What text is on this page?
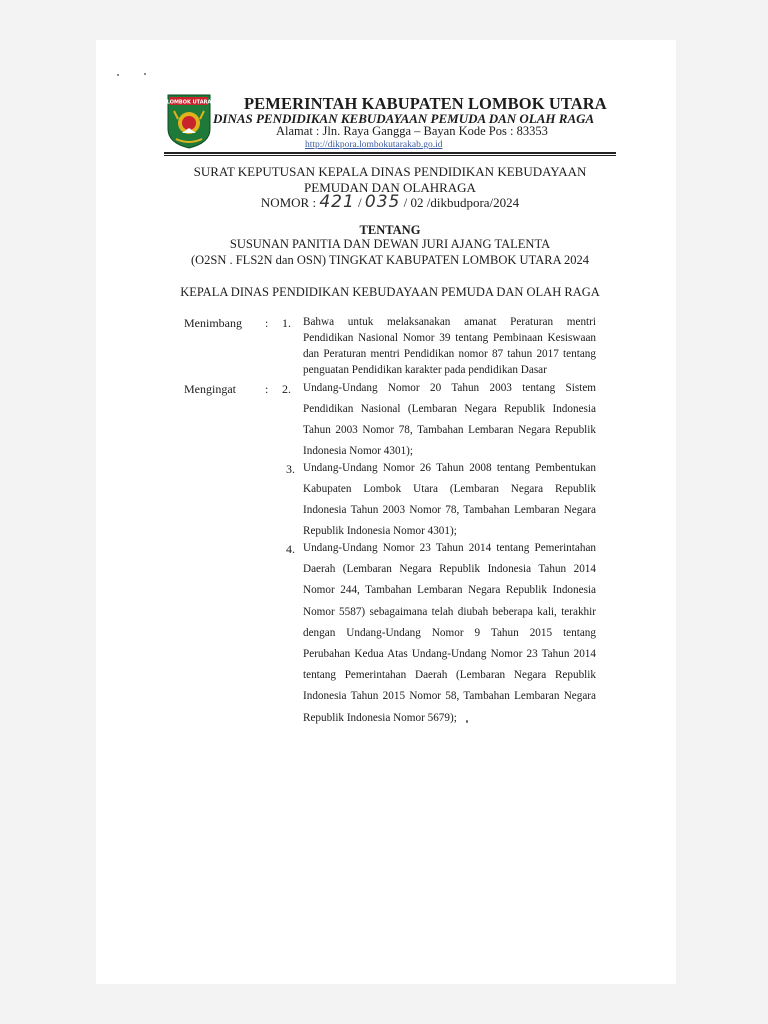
LOMBOK UTARA PEMERINTAH KABUPATEN LOMBOK UTARA
DINAS PENDIDIKAN KEBUDAYAAN PEMUDA DAN OLAH RAGA
Alamat : Jln. Raya Gangga – Bayan Kode Pos : 83353
http://dikpora.lombokutarakab.go.id
SURAT KEPUTUSAN KEPALA DINAS PENDIDIKAN KEBUDAYAAN
PEMUDAN DAN OLAHRAGA
NOMOR : 421 / 035 / 02 /dikbudpora/2024
TENTANG
SUSUNAN PANITIA DAN DEWAN JURI AJANG TALENTA
(O2SN . FLS2N dan OSN) TINGKAT KABUPATEN LOMBOK UTARA 2024
KEPALA DINAS PENDIDIKAN KEBUDAYAAN PEMUDA DAN OLAH RAGA
Menimbang : 1. Bahwa untuk melaksanakan amanat Peraturan mentri
Pendidikan Nasional Nomor 39 tentang Pembinaan Kesiswaan
dan Peraturan mentri Pendidikan nomor 87 tahun 2017 tentang
penguatan Pendidikan karakter pada pendidikan Dasar
Mengingat : 2. Undang-Undang Nomor 20 Tahun 2003 tentang Sistem
Pendidikan Nasional (Lembaran Negara Republik Indonesia
Tahun 2003 Nomor 78, Tambahan Lembaran Negara Republik
Indonesia Nomor 4301);
3. Undang-Undang Nomor 26 Tahun 2008 tentang Pembentukan
Kabupaten Lombok Utara (Lembaran Negara Republik
Indonesia Tahun 2003 Nomor 78, Tambahan Lembaran Negara
Republik Indonesia Nomor 4301);
4. Undang-Undang Nomor 23 Tahun 2014 tentang Pemerintahan
Daerah (Lembaran Negara Republik Indonesia Tahun 2014
Nomor 244, Tambahan Lembaran Negara Republik Indonesia
Nomor 5587) sebagaimana telah diubah beberapa kali, terakhir
dengan Undang-Undang Nomor 9 Tahun 2015 tentang
Perubahan Kedua Atas Undang-Undang Nomor 23 Tahun 2014
tentang Pemerintahan Daerah (Lembaran Negara Republik
Indonesia Tahun 2015 Nomor 58, Tambahan Lembaran Negara
Republik Indonesia Nomor 5679);
